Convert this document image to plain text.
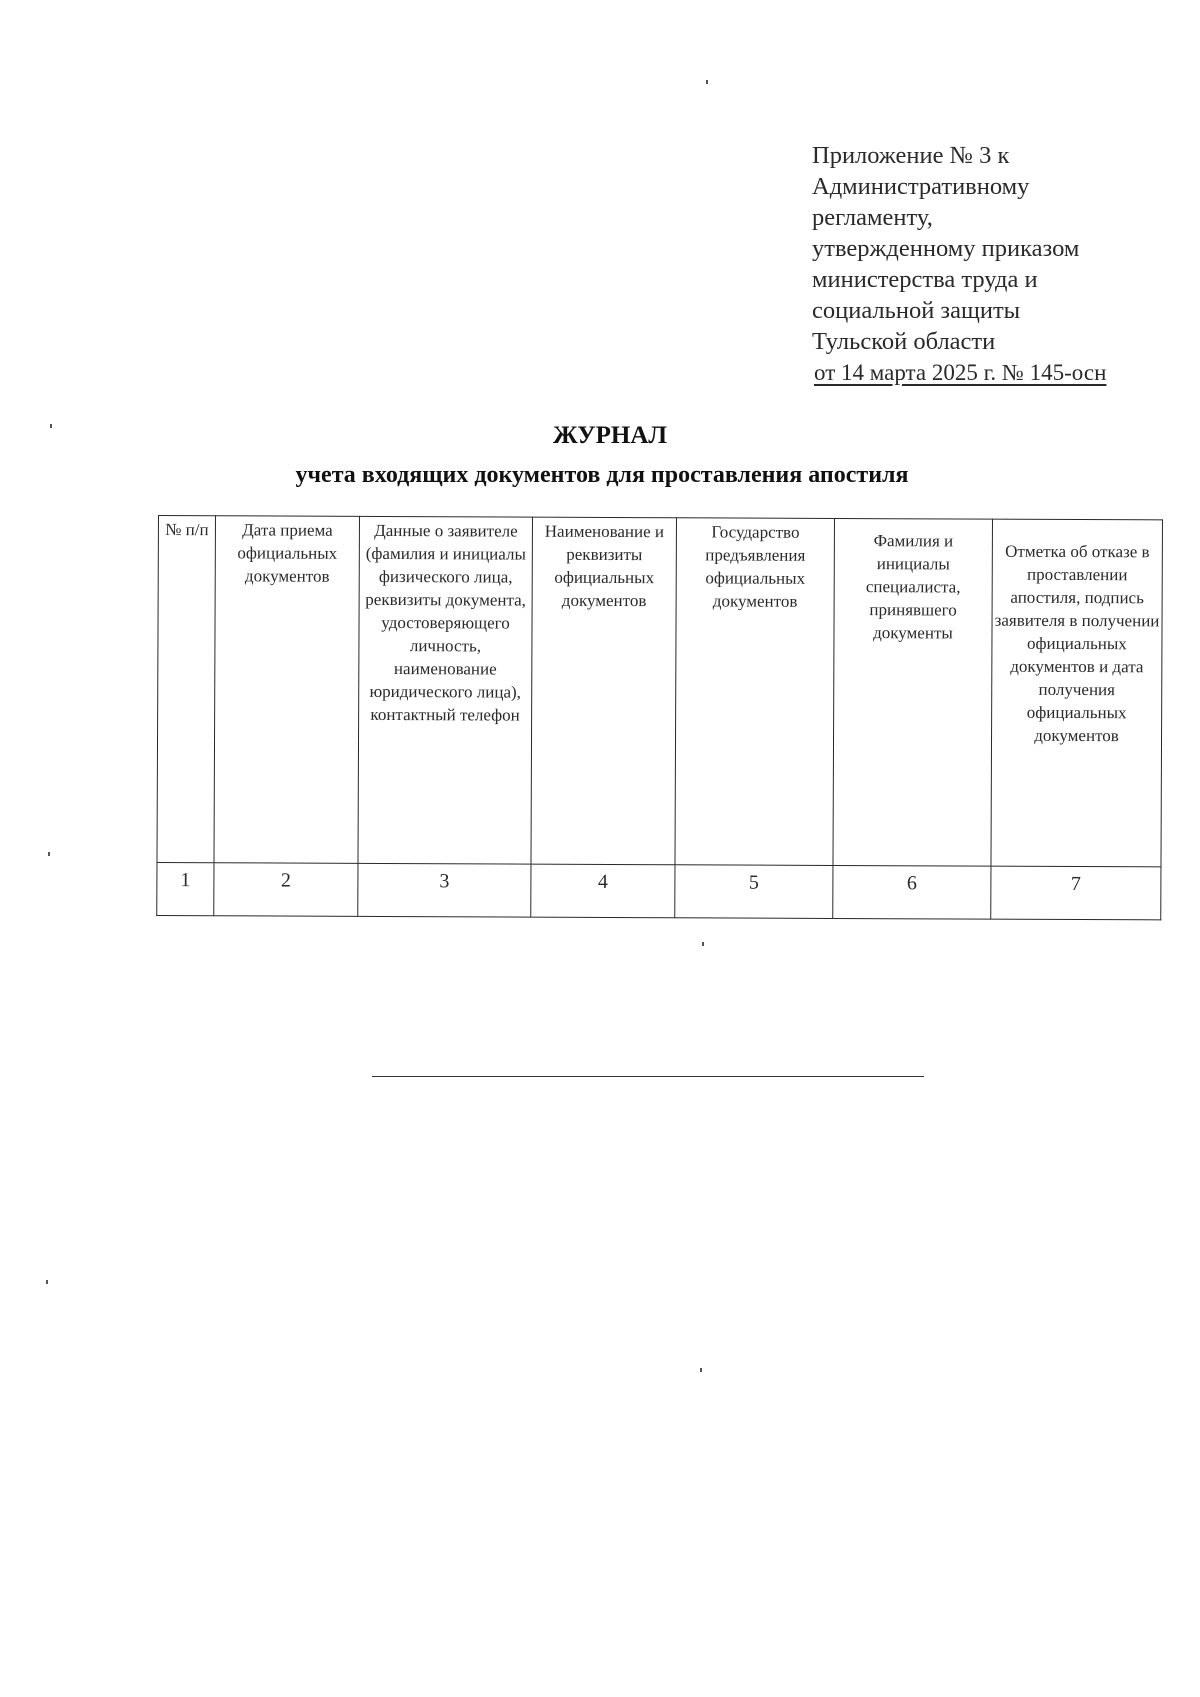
Приложение № 3 к
Административному
регламенту,
утвержденному приказом
министерства труда и
социальной защиты
Тульской области
от 14 марта 2025 г. № 145-осн
ЖУРНАЛ
учета входящих документов для проставления апостиля
№ п/п	Дата приема официальных документов	Данные о заявителе (фамилия и инициалы физического лица, реквизиты документа, удостоверяющего личность, наименование юридического лица), контактный телефон	Наименование и реквизиты официальных документов	Государство предъявления официальных документов	Фамилия и инициалы специалиста, принявшего документы	Отметка об отказе в проставлении апостиля, подпись заявителя в получении официальных документов и дата получения официальных документов

1	2	3	4	5	6	7
